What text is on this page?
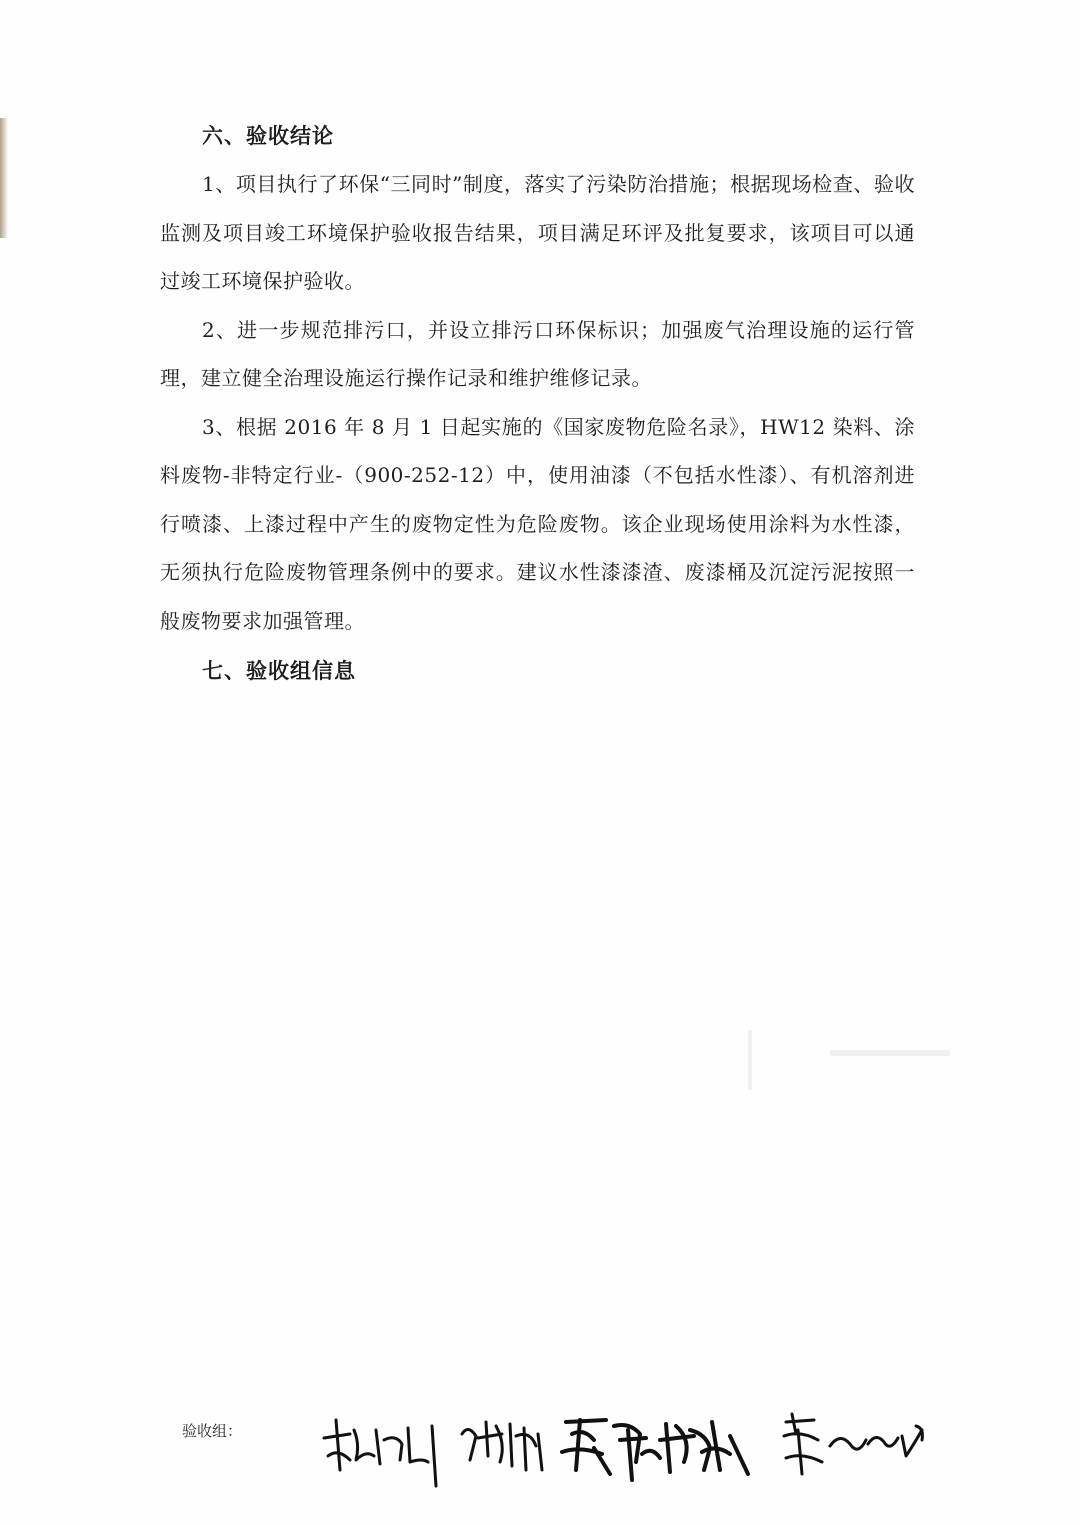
六、验收结论

1、项目执行了环保“三同时”制度，落实了污染防治措施；根据现场检查、验收监测及项目竣工环境保护验收报告结果，项目满足环评及批复要求，该项目可以通过竣工环境保护验收。

2、进一步规范排污口，并设立排污口环保标识；加强废气治理设施的运行管理，建立健全治理设施运行操作记录和维护维修记录。

3、根据 2016 年 8 月 1 日起实施的《国家废物危险名录》，HW12 染料、涂料废物-非特定行业-（900-252-12）中，使用油漆（不包括水性漆）、有机溶剂进行喷漆、上漆过程中产生的废物定性为危险废物。该企业现场使用涂料为水性漆，无须执行危险废物管理条例中的要求。建议水性漆漆渣、废漆桶及沉淀污泥按照一般废物要求加强管理。

七、验收组信息
验收组：
